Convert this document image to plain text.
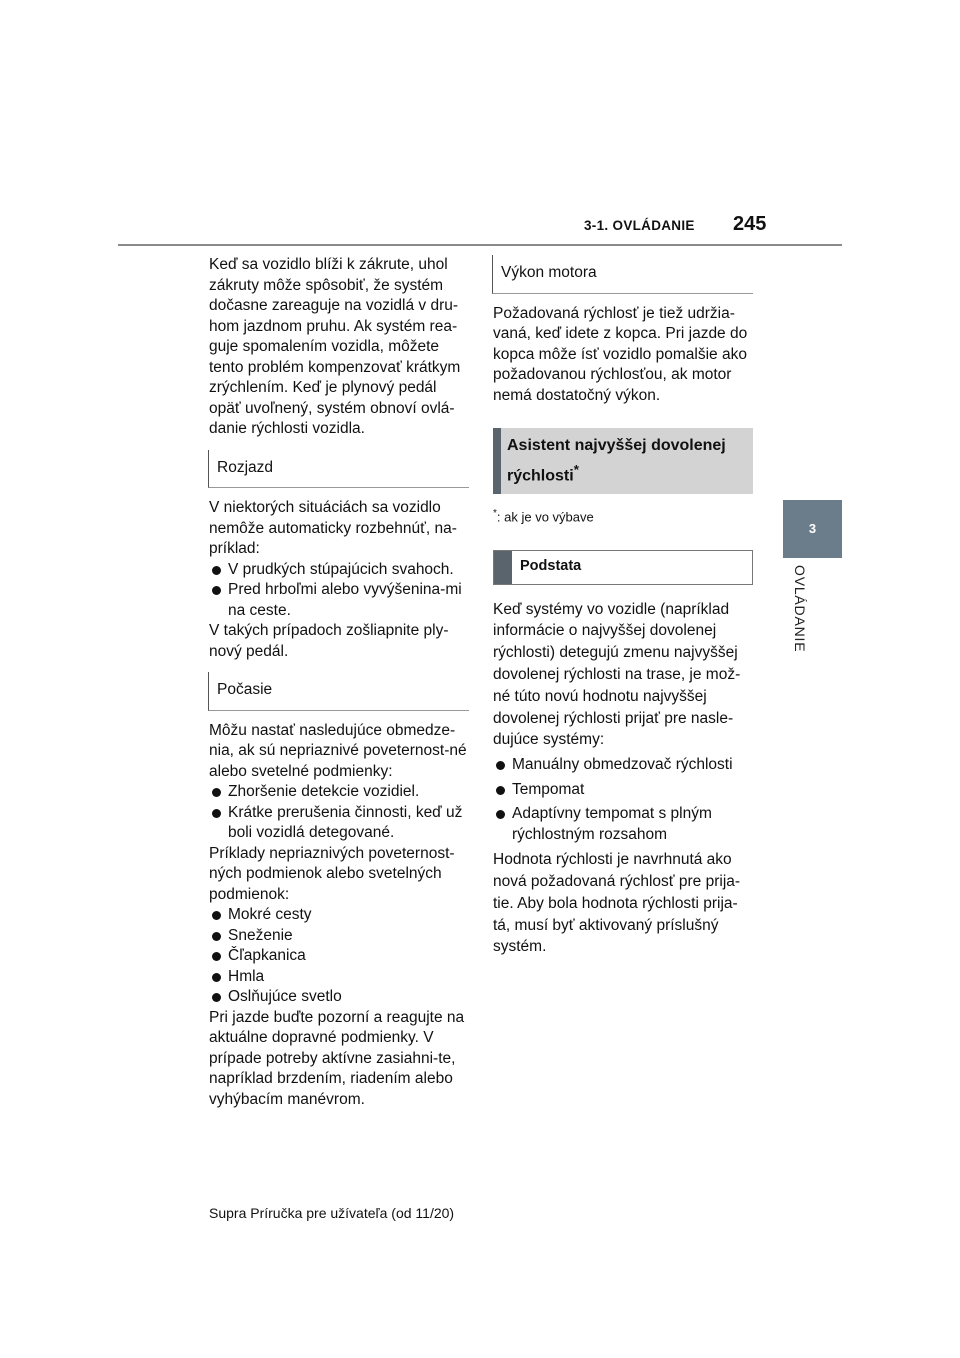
3-1. OVLÁDANIE 245
3
OVLÁDANIE

Keď sa vozidlo blíži k zákrute, uhol zákruty môže spôsobiť, že systém dočasne zareaguje na vozidlá v dru-hom jazdnom pruhu. Ak systém rea-guje spomalením vozidla, môžete tento problém kompenzovať krátkym zrýchlením. Keď je plynový pedál opäť uvoľnený, systém obnoví ovlá-danie rýchlosti vozidla.

Rozjazd

V niektorých situáciách sa vozidlo nemôže automaticky rozbehnúť, na-príklad:

V prudkých stúpajúcich svahoch.
Pred hrboľmi alebo vyvýšenina-mi na ceste.

V takých prípadoch zošliapnite ply-nový pedál.

Počasie

Môžu nastať nasledujúce obmedze-nia, ak sú nepriaznivé poveternost-né alebo svetelné podmienky:

Zhoršenie detekcie vozidiel.
Krátke prerušenia činnosti, keď už boli vozidlá detegované.

Príklady nepriaznivých poveternost-ných podmienok alebo svetelných podmienok:

Mokré cesty
Sneženie
Čľapkanica
Hmla
Oslňujúce svetlo

Pri jazde buďte pozorní a reagujte na aktuálne dopravné podmienky. V prípade potreby aktívne zasiahni-te, napríklad brzdením, riadením alebo vyhýbacím manévrom.

Výkon motora

Požadovaná rýchlosť je tiež udržia-vaná, keď idete z kopca. Pri jazde do kopca môže ísť vozidlo pomalšie ako požadovanou rýchlosťou, ak motor nemá dostatočný výkon.

Asistent najvyššej dovolenej rýchlosti*
*: ak je vo výbave
Podstata

Keď systémy vo vozidle (napríklad informácie o najvyššej dovolenej rýchlosti) detegujú zmenu najvyššej dovolenej rýchlosti na trase, je mož-né túto novú hodnotu najvyššej dovolenej rýchlosti prijať pre nasle-dujúce systémy:

Manuálny obmedzovač rýchlosti
Tempomat
Adaptívny tempomat s plným rýchlostným rozsahom

Hodnota rýchlosti je navrhnutá ako nová požadovaná rýchlosť pre prija-tie. Aby bola hodnota rýchlosti prija-tá, musí byť aktivovaný príslušný systém.

Supra Príručka pre užívateľa (od 11/20)
